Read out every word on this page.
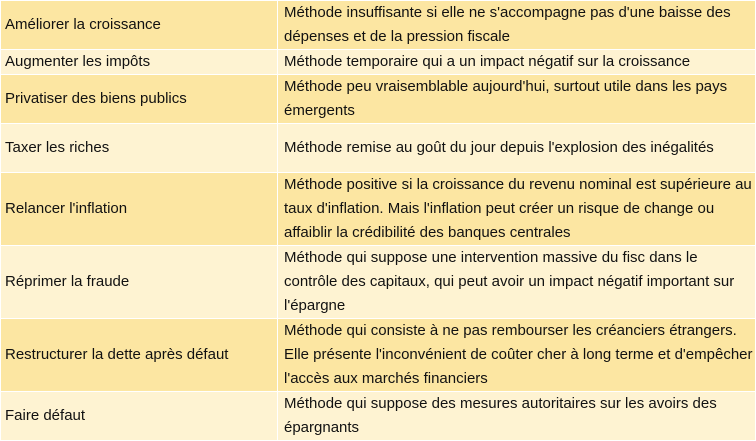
Améliorer la croissance	Méthode insuffisante si elle ne s'accompagne pas d'une baisse des dépenses et de la pression fiscale
Augmenter les impôts	Méthode temporaire qui a un impact négatif sur la croissance
Privatiser des biens publics	Méthode peu vraisemblable aujourd'hui, surtout utile dans les pays émergents
Taxer les riches	Méthode remise au goût du jour depuis l'explosion des inégalités
Relancer l'inflation	Méthode positive si la croissance du revenu nominal est supérieure au taux d'inflation. Mais l'inflation peut créer un risque de change ou affaiblir la crédibilité des banques centrales
Réprimer la fraude	Méthode qui suppose une intervention massive du fisc dans le contrôle des capitaux, qui peut avoir un impact négatif important sur l'épargne
Restructurer la dette après défaut	Méthode qui consiste à ne pas rembourser les créanciers étrangers. Elle présente l'inconvénient de coûter cher à long terme et d'empêcher l'accès aux marchés financiers
Faire défaut	Méthode qui suppose des mesures autoritaires sur les avoirs des épargnants
